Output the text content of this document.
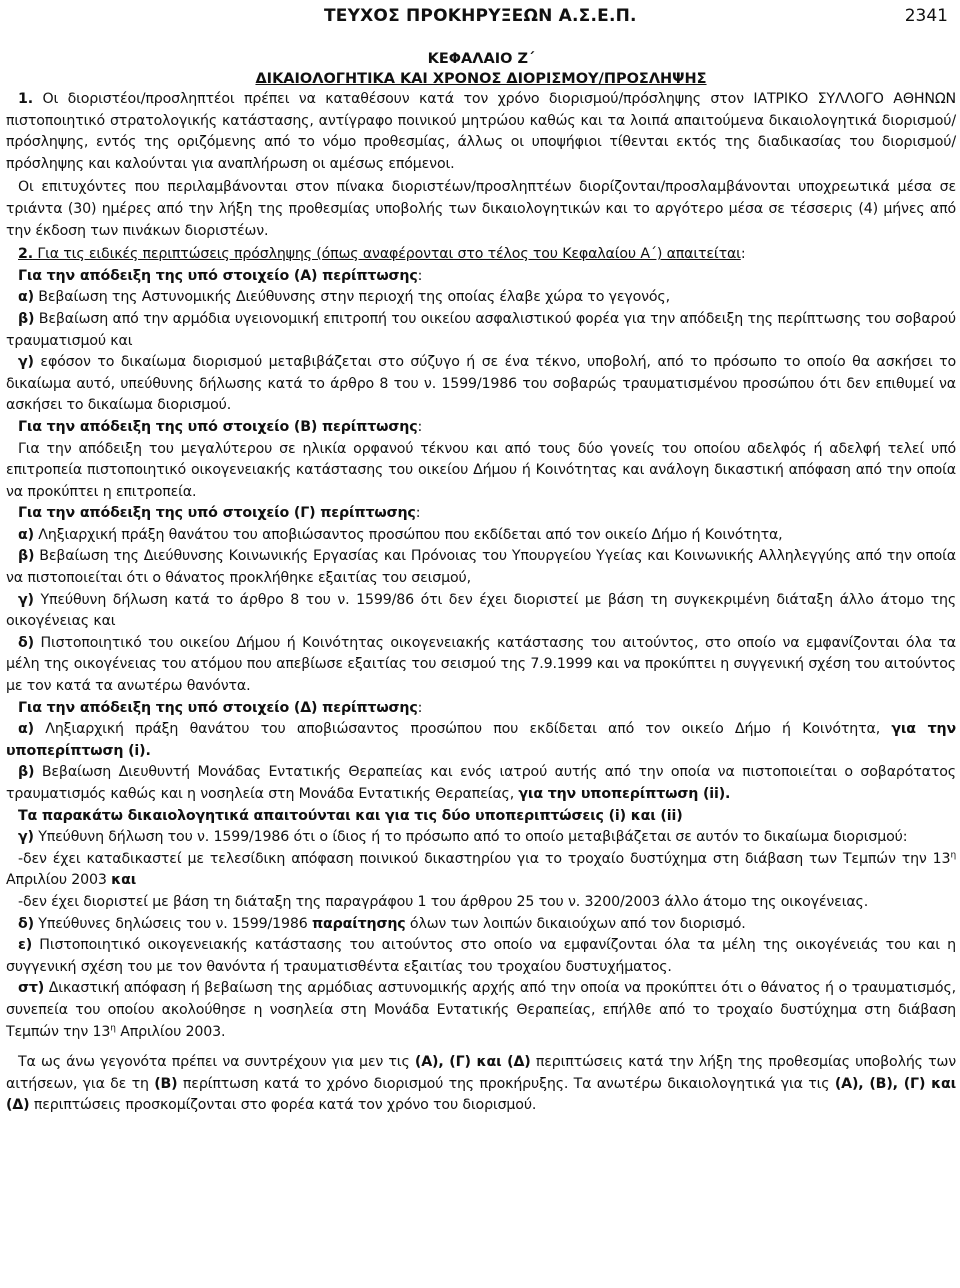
ΤΕΥΧΟΣ ΠΡΟΚΗΡΥΞΕΩΝ Α.Σ.Ε.Π.	2341
ΚΕΦΑΛΑΙΟ Ζ΄
ΔΙΚΑΙΟΛΟΓΗΤΙΚΑ ΚΑΙ ΧΡΟΝΟΣ ΔΙΟΡΙΣΜΟΥ/ΠΡΟΣΛΗΨΗΣ

1. Οι διοριστέοι/προσληπτέοι πρέπει να καταθέσουν κατά τον χρόνο διορισμού/πρόσληψης στον ΙΑΤΡΙΚΟ ΣΥΛΛΟΓΟ ΑΘΗΝΩΝ πιστοποιητικό στρατολογικής κατάστασης, αντίγραφο ποινικού μητρώου καθώς και τα λοιπά απαιτούμενα δικαιολογητικά διορισμού/πρόσληψης, εντός της οριζόμενης από το νόμο προθεσμίας, άλλως οι υποψήφιοι τίθενται εκτός της διαδικασίας του διορισμού/πρόσληψης και καλούνται για αναπλήρωση οι αμέσως επόμενοι.

Οι επιτυχόντες που περιλαμβάνονται στον πίνακα διοριστέων/προσληπτέων διορίζονται/προσλαμβάνονται υποχρεωτικά μέσα σε τριάντα (30) ημέρες από την λήξη της προθεσμίας υποβολής των δικαιολογητικών και το αργότερο μέσα σε τέσσερις (4) μήνες από την έκδοση των πινάκων διοριστέων.

2. Για τις ειδικές περιπτώσεις πρόσληψης (όπως αναφέρονται στο τέλος του Κεφαλαίου Α΄) απαιτείται:

Για την απόδειξη της υπό στοιχείο (Α) περίπτωσης:

α) Βεβαίωση της Αστυνομικής Διεύθυνσης στην περιοχή της οποίας έλαβε χώρα το γεγονός,

β) Βεβαίωση από την αρμόδια υγειονομική επιτροπή του οικείου ασφαλιστικού φορέα για την απόδειξη της περίπτωσης του σοβαρού τραυματισμού και

γ) εφόσον το δικαίωμα διορισμού μεταβιβάζεται στο σύζυγο ή σε ένα τέκνο, υποβολή, από το πρόσωπο το οποίο θα ασκήσει το δικαίωμα αυτό, υπεύθυνης δήλωσης κατά το άρθρο 8 του ν. 1599/1986 του σοβαρώς τραυματισμένου προσώπου ότι δεν επιθυμεί να ασκήσει το δικαίωμα διορισμού.

Για την απόδειξη της υπό στοιχείο (Β) περίπτωσης:

Για την απόδειξη του μεγαλύτερου σε ηλικία ορφανού τέκνου και από τους δύο γονείς του οποίου αδελφός ή αδελφή τελεί υπό επιτροπεία πιστοποιητικό οικογενειακής κατάστασης του οικείου Δήμου ή Κοινότητας και ανάλογη δικαστική απόφαση από την οποία να προκύπτει η επιτροπεία.

Για την απόδειξη της υπό στοιχείο (Γ) περίπτωσης:

α) Ληξιαρχική πράξη θανάτου του αποβιώσαντος προσώπου που εκδίδεται από τον οικείο Δήμο ή Κοινότητα,

β) Βεβαίωση της Διεύθυνσης Κοινωνικής Εργασίας και Πρόνοιας του Υπουργείου Υγείας και Κοινωνικής Αλληλεγγύης από την οποία να πιστοποιείται ότι ο θάνατος προκλήθηκε εξαιτίας του σεισμού,

γ) Υπεύθυνη δήλωση κατά το άρθρο 8 του ν. 1599/86 ότι δεν έχει διοριστεί με βάση τη συγκεκριμένη διάταξη άλλο άτομο της οικογένειας και

δ) Πιστοποιητικό του οικείου Δήμου ή Κοινότητας οικογενειακής κατάστασης του αιτούντος, στο οποίο να εμφανίζονται όλα τα μέλη της οικογένειας του ατόμου που απεβίωσε εξαιτίας του σεισμού της 7.9.1999 και να προκύπτει η συγγενική σχέση του αιτούντος με τον κατά τα ανωτέρω θανόντα.

Για την απόδειξη της υπό στοιχείο (Δ) περίπτωσης:

α) Ληξιαρχική πράξη θανάτου του αποβιώσαντος προσώπου που εκδίδεται από τον οικείο Δήμο ή Κοινότητα, για την υποπερίπτωση (i).

β) Βεβαίωση Διευθυντή Μονάδας Εντατικής Θεραπείας και ενός ιατρού αυτής από την οποία να πιστοποιείται ο σοβαρότατος τραυματισμός καθώς και η νοσηλεία στη Μονάδα Εντατικής Θεραπείας, για την υποπερίπτωση (ii).

Τα παρακάτω δικαιολογητικά απαιτούνται και για τις δύο υποπεριπτώσεις (i) και (ii)

γ) Υπεύθυνη δήλωση του ν. 1599/1986 ότι ο ίδιος ή το πρόσωπο από το οποίο μεταβιβάζεται σε αυτόν το δικαίωμα διορισμού:

-δεν έχει καταδικαστεί με τελεσίδικη απόφαση ποινικού δικαστηρίου για το τροχαίο δυστύχημα στη διάβαση των Τεμπών την $13^\eta$ Απριλίου 2003 και

-δεν έχει διοριστεί με βάση τη διάταξη της παραγράφου 1 του άρθρου 25 του ν. 3200/2003 άλλο άτομο της οικογένειας.

δ) Υπεύθυνες δηλώσεις του ν. 1599/1986 παραίτησης όλων των λοιπών δικαιούχων από τον διορισμό.

ε) Πιστοποιητικό οικογενειακής κατάστασης του αιτούντος στο οποίο να εμφανίζονται όλα τα μέλη της οικογένειάς του και η συγγενική σχέση του με τον θανόντα ή τραυματισθέντα εξαιτίας του τροχαίου δυστυχήματος.

στ) Δικαστική απόφαση ή βεβαίωση της αρμόδιας αστυνομικής αρχής από την οποία να προκύπτει ότι ο θάνατος ή ο τραυματισμός, συνεπεία του οποίου ακολούθησε η νοσηλεία στη Μονάδα Εντατικής Θεραπείας, επήλθε από το τροχαίο δυστύχημα στη διάβαση Τεμπών την $13^\eta$ Απριλίου 2003.

Τα ως άνω γεγονότα πρέπει να συντρέχουν για μεν τις (Α), (Γ) και (Δ) περιπτώσεις κατά την λήξη της προθεσμίας υποβολής των αιτήσεων, για δε τη (Β) περίπτωση κατά το χρόνο διορισμού της προκήρυξης. Τα ανωτέρω δικαιολογητικά για τις (Α), (Β), (Γ) και (Δ) περιπτώσεις προσκομίζονται στο φορέα κατά τον χρόνο του διορισμού.
